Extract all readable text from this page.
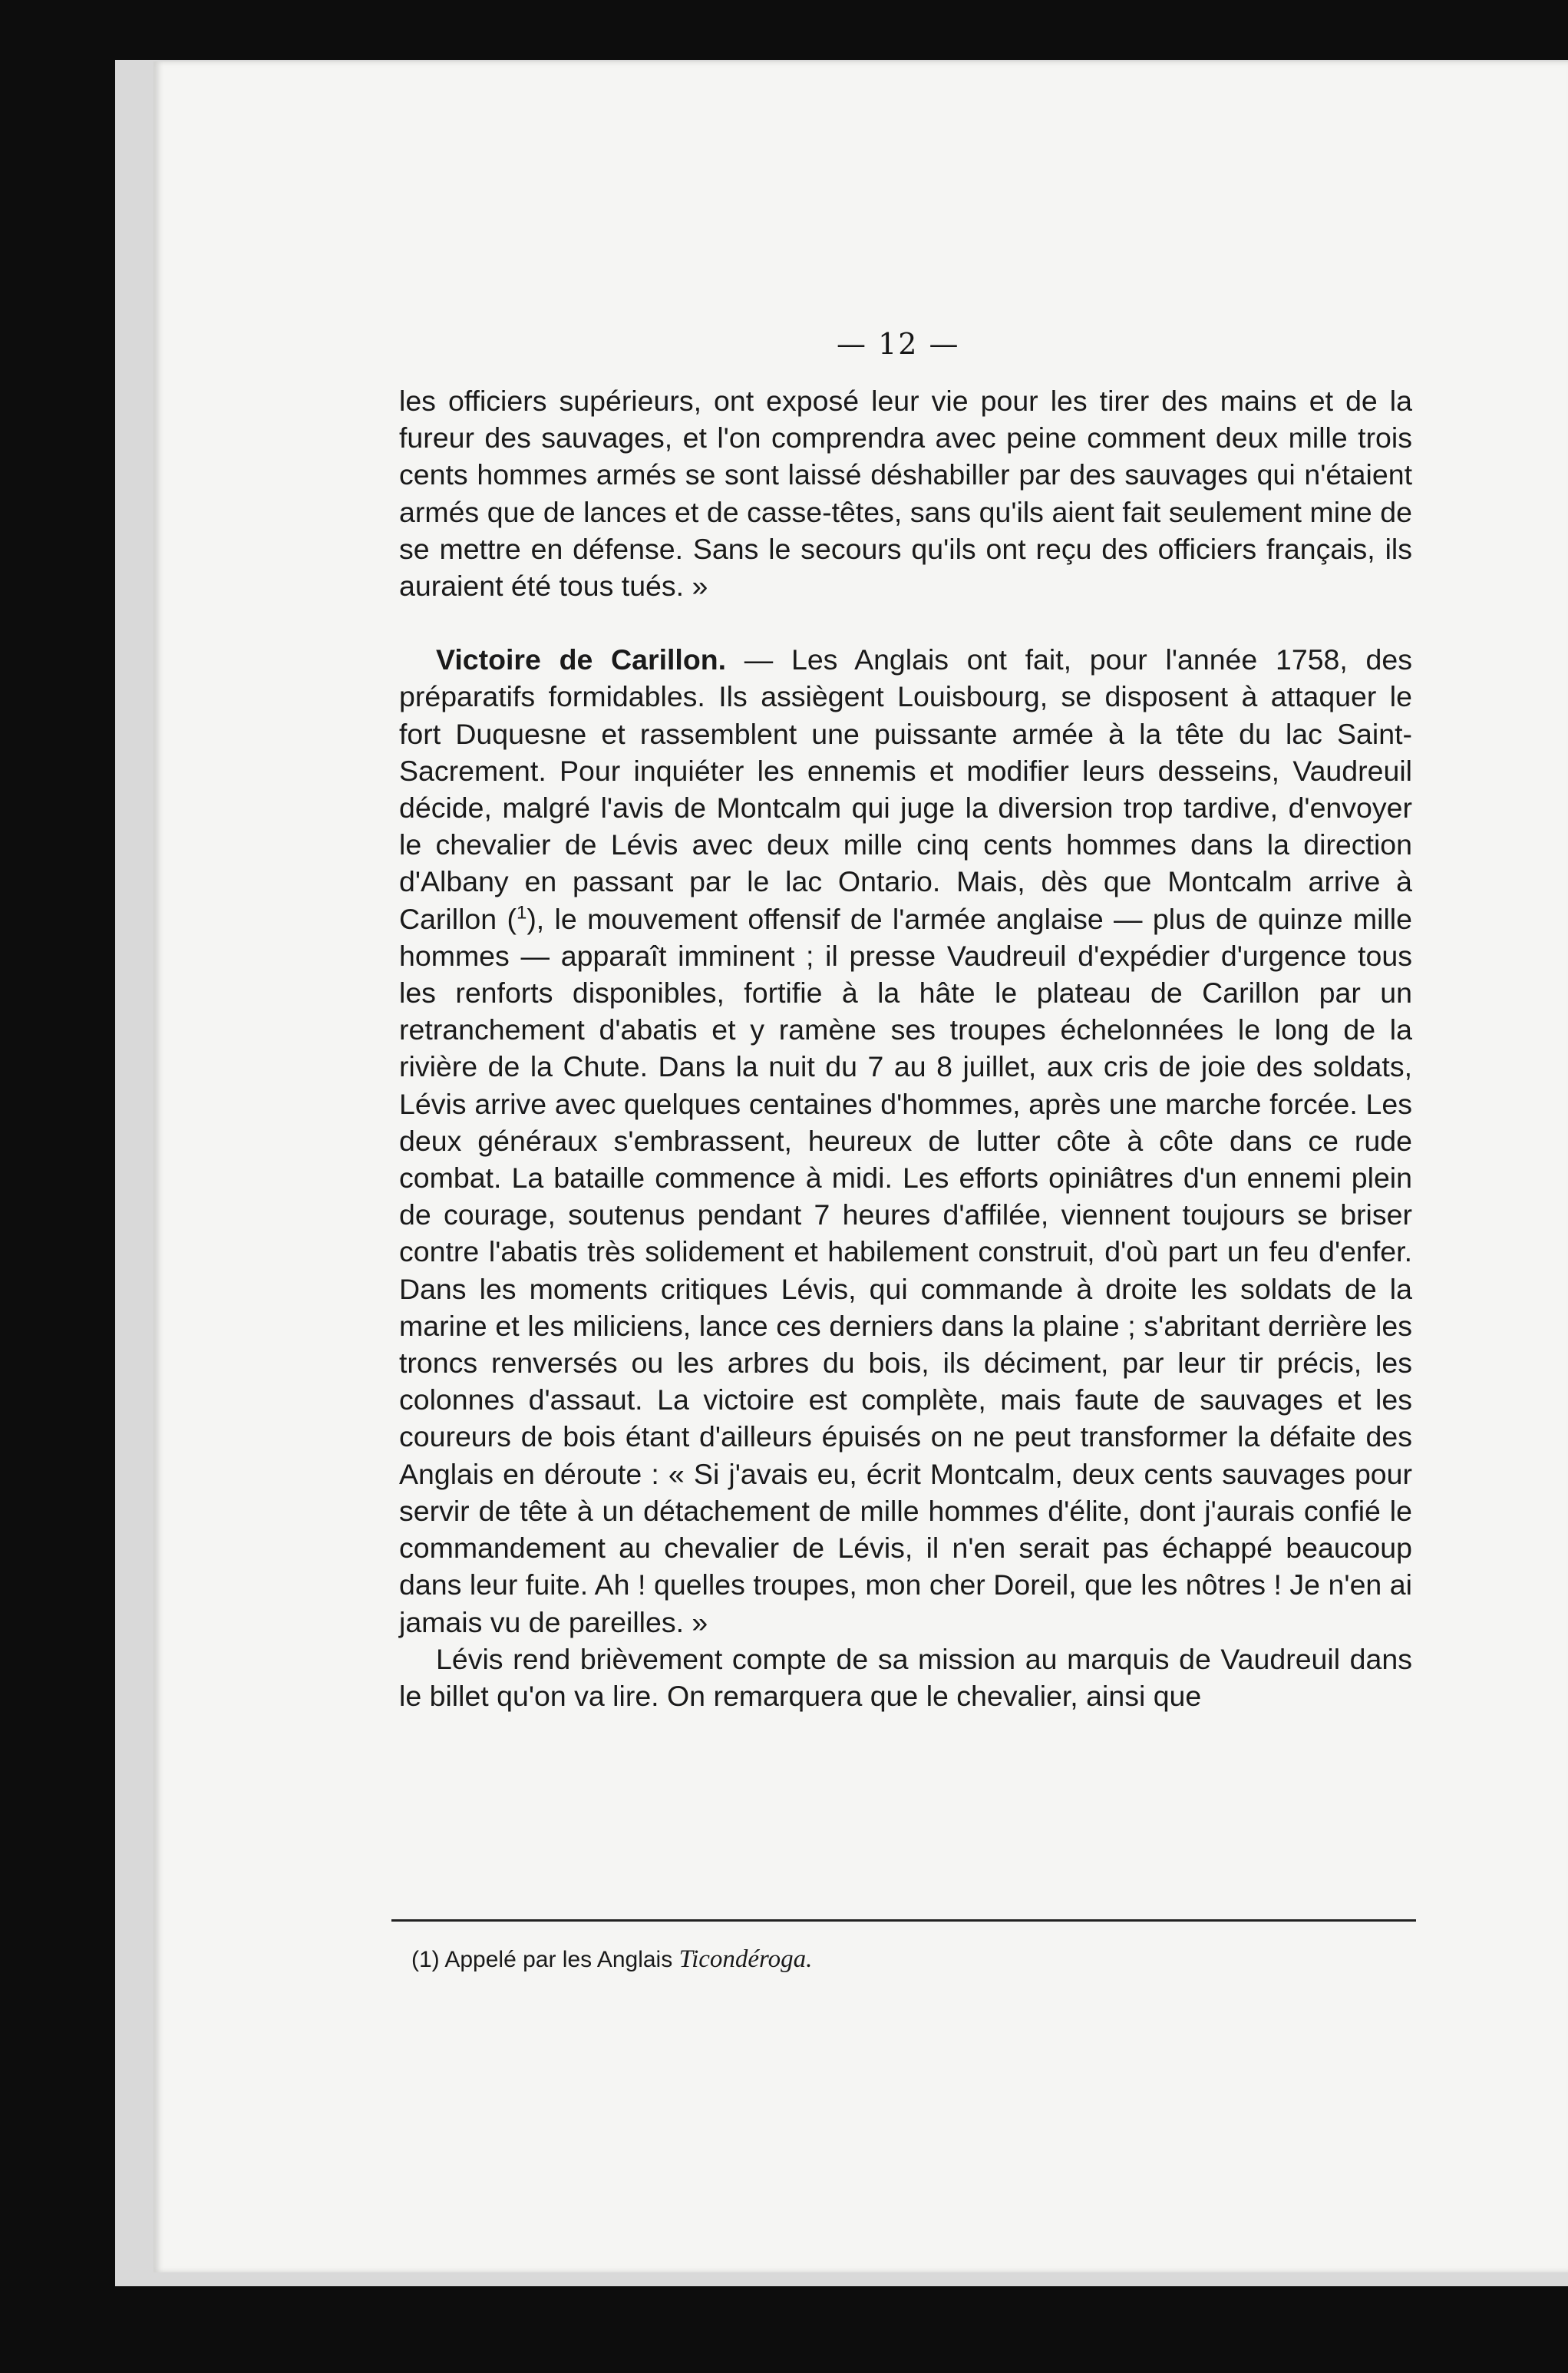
— 12 —

les officiers supérieurs, ont exposé leur vie pour les tirer des mains et de la fureur des sauvages, et l'on comprendra avec peine comment deux mille trois cents hommes armés se sont laissé déshabiller par des sauvages qui n'étaient armés que de lances et de casse-têtes, sans qu'ils aient fait seulement mine de se mettre en défense. Sans le secours qu'ils ont reçu des officiers français, ils auraient été tous tués. »

Victoire de Carillon. — Les Anglais ont fait, pour l'année 1758, des préparatifs formidables. Ils assiègent Louisbourg, se disposent à attaquer le fort Duquesne et rassemblent une puissante armée à la tête du lac Saint-Sacrement. Pour inquiéter les ennemis et modifier leurs desseins, Vaudreuil décide, malgré l'avis de Montcalm qui juge la diversion trop tardive, d'envoyer le chevalier de Lévis avec deux mille cinq cents hommes dans la direction d'Albany en passant par le lac Ontario. Mais, dès que Montcalm arrive à Carillon ($^1$), le mouvement offensif de l'armée anglaise — plus de quinze mille hommes — apparaît imminent ; il presse Vaudreuil d'expédier d'urgence tous les renforts disponibles, fortifie à la hâte le plateau de Carillon par un retranchement d'abatis et y ramène ses troupes échelonnées le long de la rivière de la Chute. Dans la nuit du 7 au 8 juillet, aux cris de joie des soldats, Lévis arrive avec quelques centaines d'hommes, après une marche forcée. Les deux généraux s'embrassent, heureux de lutter côte à côte dans ce rude combat. La bataille commence à midi. Les efforts opiniâtres d'un ennemi plein de courage, soutenus pendant 7 heures d'affilée, viennent toujours se briser contre l'abatis très solidement et habilement construit, d'où part un feu d'enfer. Dans les moments critiques Lévis, qui commande à droite les soldats de la marine et les miliciens, lance ces derniers dans la plaine ; s'abritant derrière les troncs renversés ou les arbres du bois, ils déciment, par leur tir précis, les colonnes d'assaut. La victoire est complète, mais faute de sauvages et les coureurs de bois étant d'ailleurs épuisés on ne peut transformer la défaite des Anglais en déroute : « Si j'avais eu, écrit Montcalm, deux cents sauvages pour servir de tête à un détachement de mille hommes d'élite, dont j'aurais confié le commandement au chevalier de Lévis, il n'en serait pas échappé beaucoup dans leur fuite. Ah ! quelles troupes, mon cher Doreil, que les nôtres ! Je n'en ai jamais vu de pareilles. »

Lévis rend brièvement compte de sa mission au marquis de Vaudreuil dans le billet qu'on va lire. On remarquera que le chevalier, ainsi que

(1) Appelé par les Anglais Ticondéroga.
